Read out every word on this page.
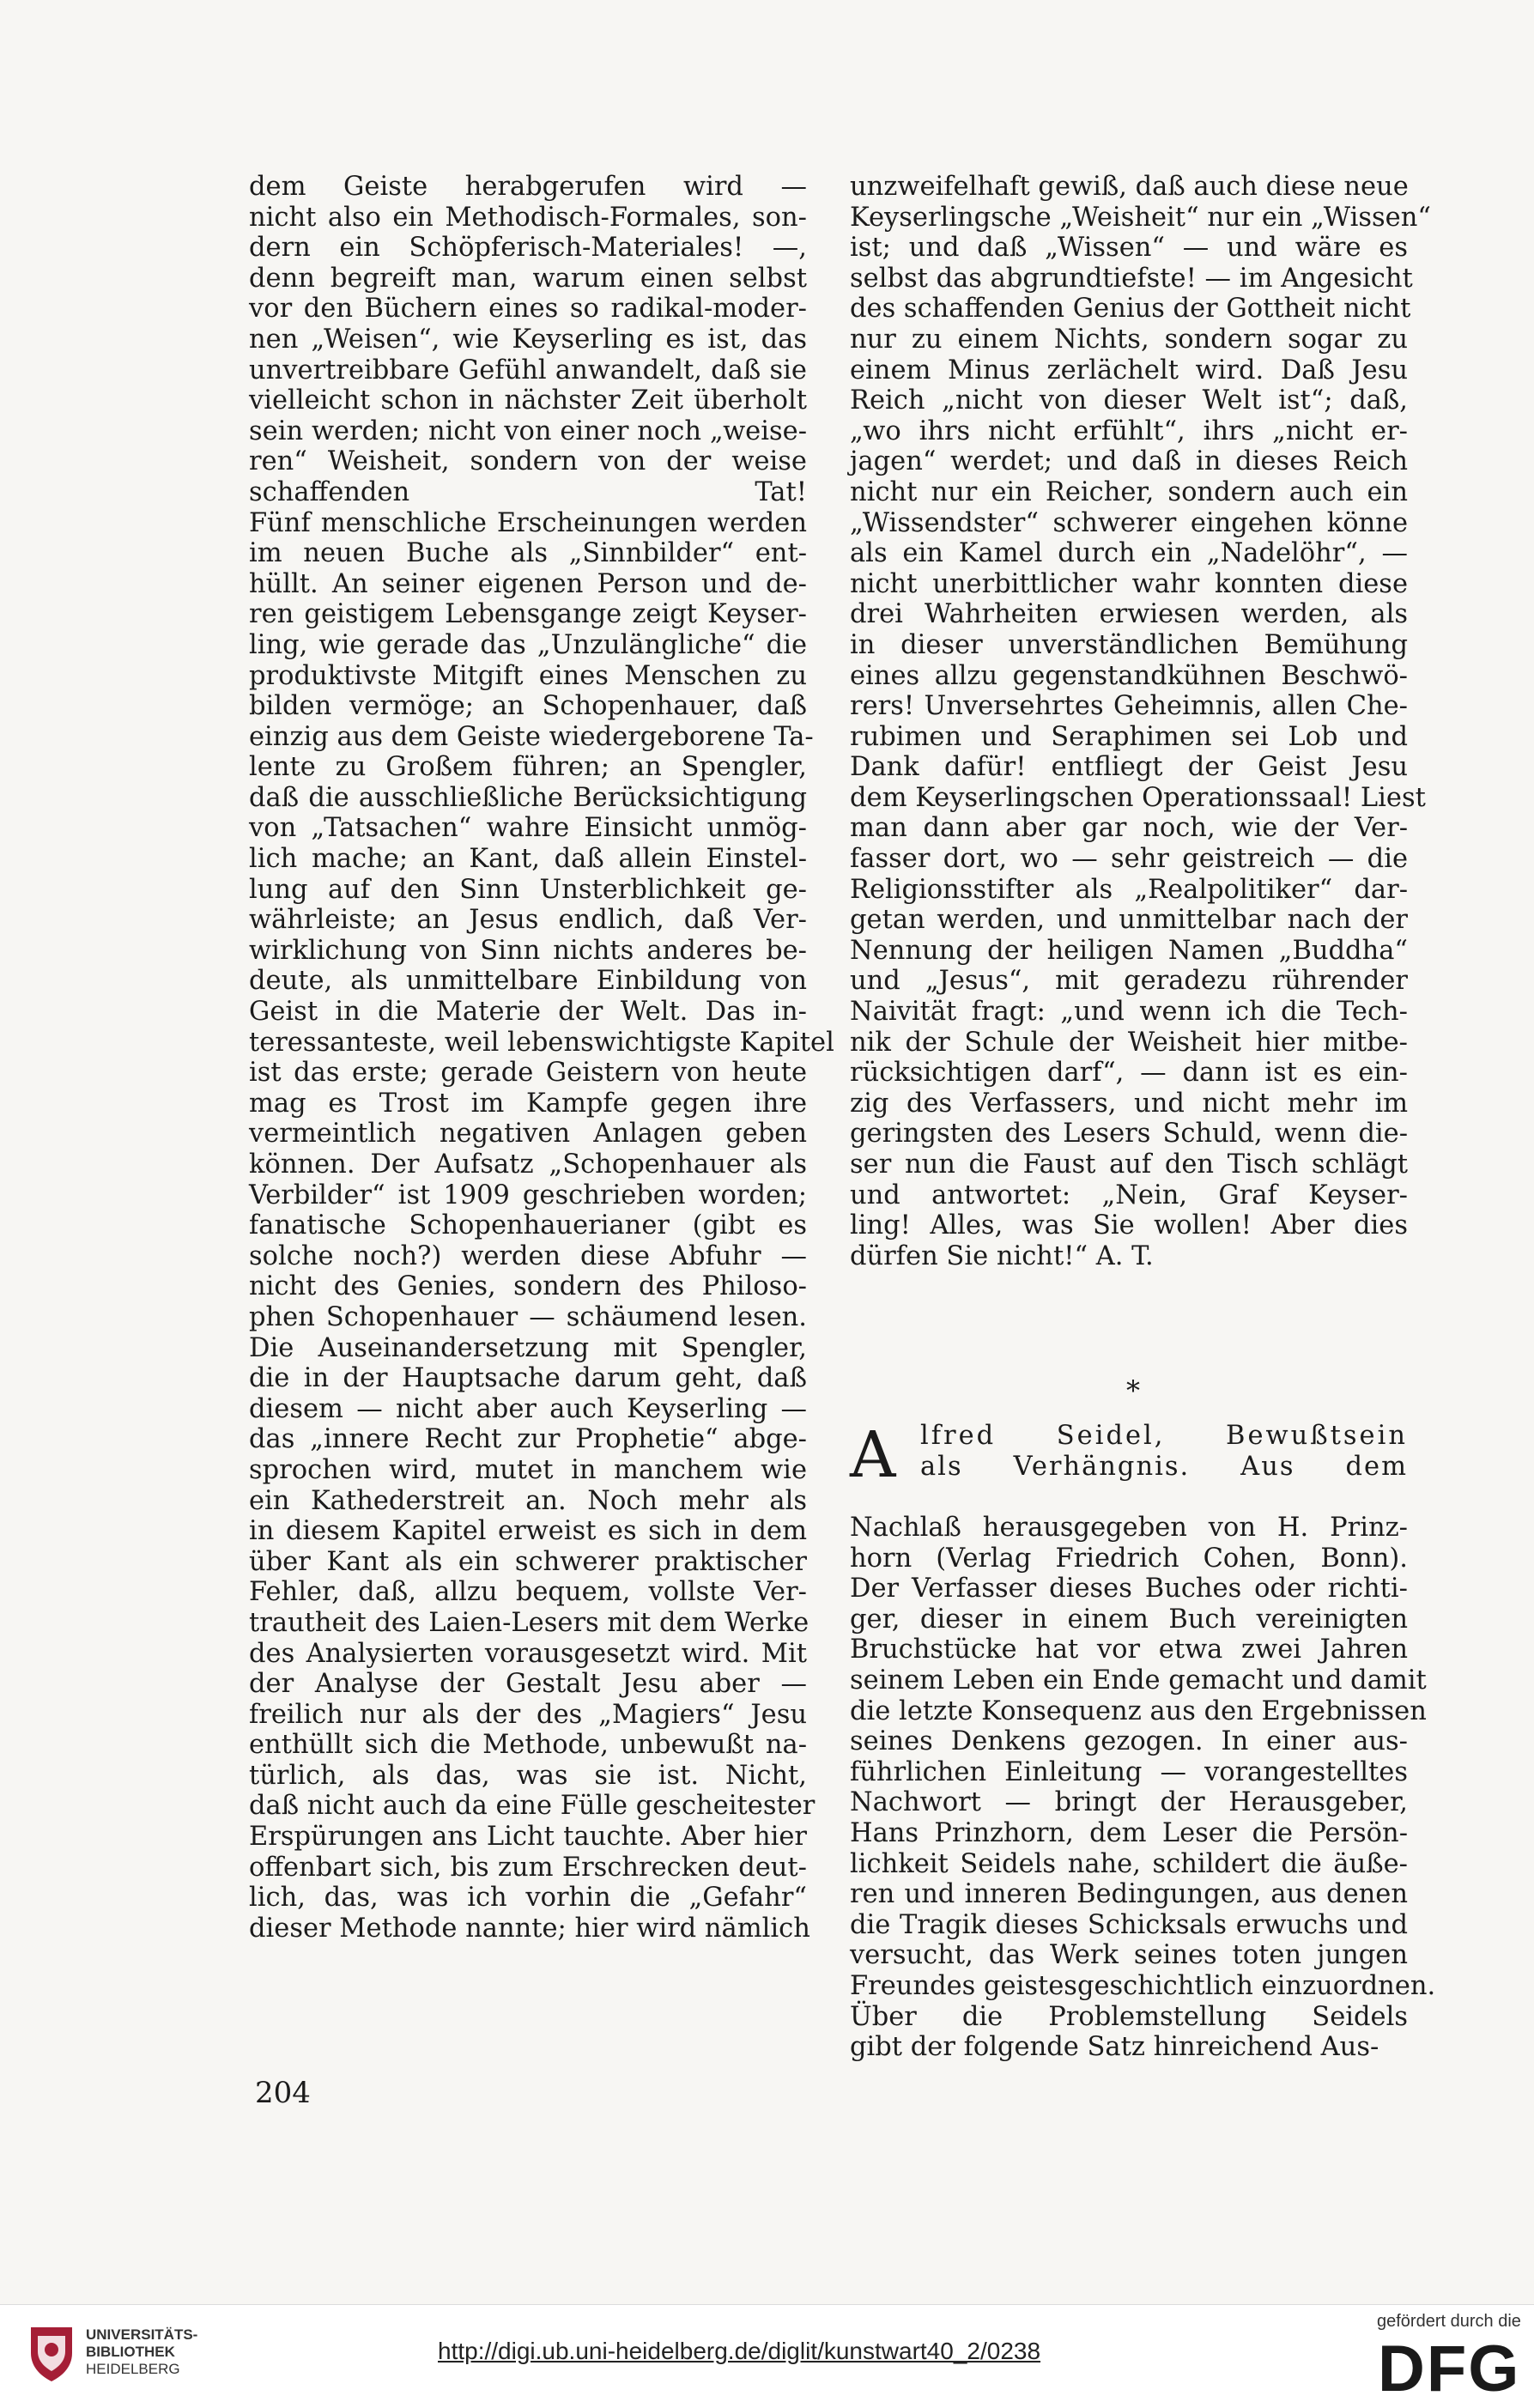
dem Geiste herabgerufen wird —
nicht also ein Methodisch-Formales, son-
dern ein Schöpferisch-Materiales! —,
denn begreift man, warum einen selbst
vor den Büchern eines so radikal-moder-
nen „Weisen“, wie Keyserling es ist, das
unvertreibbare Gefühl anwandelt, daß sie
vielleicht schon in nächster Zeit überholt
sein werden; nicht von einer noch „weise-
ren“ Weisheit, sondern von der weise
schaffenden Tat!
Fünf menschliche Erscheinungen werden
im neuen Buche als „Sinnbilder“ ent-
hüllt. An seiner eigenen Person und de-
ren geistigem Lebensgange zeigt Keyser-
ling, wie gerade das „Unzulängliche“ die
produktivste Mitgift eines Menschen zu
bilden vermöge; an Schopenhauer, daß
einzig aus dem Geiste wiedergeborene Ta-
lente zu Großem führen; an Spengler,
daß die ausschließliche Berücksichtigung
von „Tatsachen“ wahre Einsicht unmög-
lich mache; an Kant, daß allein Einstel-
lung auf den Sinn Unsterblichkeit ge-
währleiste; an Jesus endlich, daß Ver-
wirklichung von Sinn nichts anderes be-
deute, als unmittelbare Einbildung von
Geist in die Materie der Welt. Das in-
teressanteste, weil lebenswichtigste Kapitel
ist das erste; gerade Geistern von heute
mag es Trost im Kampfe gegen ihre
vermeintlich negativen Anlagen geben
können. Der Aufsatz „Schopenhauer als
Verbilder“ ist 1909 geschrieben worden;
fanatische Schopenhauerianer (gibt es
solche noch?) werden diese Abfuhr —
nicht des Genies, sondern des Philoso-
phen Schopenhauer — schäumend lesen.
Die Auseinandersetzung mit Spengler,
die in der Hauptsache darum geht, daß
diesem — nicht aber auch Keyserling —
das „innere Recht zur Prophetie“ abge-
sprochen wird, mutet in manchem wie
ein Kathederstreit an. Noch mehr als
in diesem Kapitel erweist es sich in dem
über Kant als ein schwerer praktischer
Fehler, daß, allzu bequem, vollste Ver-
trautheit des Laien-Lesers mit dem Werke
des Analysierten vorausgesetzt wird. Mit
der Analyse der Gestalt Jesu aber —
freilich nur als der des „Magiers“ Jesu
enthüllt sich die Methode, unbewußt na-
türlich, als das, was sie ist. Nicht,
daß nicht auch da eine Fülle gescheitester
Erspürungen ans Licht tauchte. Aber hier
offenbart sich, bis zum Erschrecken deut-
lich, das, was ich vorhin die „Gefahr“
dieser Methode nannte; hier wird nämlich
unzweifelhaft gewiß, daß auch diese neue
Keyserlingsche „Weisheit“ nur ein „Wissen“
ist; und daß „Wissen“ — und wäre es
selbst das abgrundtiefste! — im Angesicht
des schaffenden Genius der Gottheit nicht
nur zu einem Nichts, sondern sogar zu
einem Minus zerlächelt wird. Daß Jesu
Reich „nicht von dieser Welt ist“; daß,
„wo ihrs nicht erfühlt“, ihrs „nicht er-
jagen“ werdet; und daß in dieses Reich
nicht nur ein Reicher, sondern auch ein
„Wissendster“ schwerer eingehen könne
als ein Kamel durch ein „Nadelöhr“, —
nicht unerbittlicher wahr konnten diese
drei Wahrheiten erwiesen werden, als
in dieser unverständlichen Bemühung
eines allzu gegenstandkühnen Beschwö-
rers! Unversehrtes Geheimnis, allen Che-
rubimen und Seraphimen sei Lob und
Dank dafür! entfliegt der Geist Jesu
dem Keyserlingschen Operationssaal! Liest
man dann aber gar noch, wie der Ver-
fasser dort, wo — sehr geistreich — die
Religionsstifter als „Realpolitiker“ dar-
getan werden, und unmittelbar nach der
Nennung der heiligen Namen „Buddha“
und „Jesus“, mit geradezu rührender
Naivität fragt: „und wenn ich die Tech-
nik der Schule der Weisheit hier mitbe-
rücksichtigen darf“, — dann ist es ein-
zig des Verfassers, und nicht mehr im
geringsten des Lesers Schuld, wenn die-
ser nun die Faust auf den Tisch schlägt
und antwortet: „Nein, Graf Keyser-
ling! Alles, was Sie wollen! Aber dies
dürfen Sie nicht!“ A. T.
*
A lfred Seidel, Bewußtsein
als Verhängnis. Aus dem
Nachlaß herausgegeben von H. Prinz-
horn (Verlag Friedrich Cohen, Bonn).
Der Verfasser dieses Buches oder richti-
ger, dieser in einem Buch vereinigten
Bruchstücke hat vor etwa zwei Jahren
seinem Leben ein Ende gemacht und damit
die letzte Konsequenz aus den Ergebnissen
seines Denkens gezogen. In einer aus-
führlichen Einleitung — vorangestelltes
Nachwort — bringt der Herausgeber,
Hans Prinzhorn, dem Leser die Persön-
lichkeit Seidels nahe, schildert die äuße-
ren und inneren Bedingungen, aus denen
die Tragik dieses Schicksals erwuchs und
versucht, das Werk seines toten jungen
Freundes geistesgeschichtlich einzuordnen.
Über die Problemstellung Seidels
gibt der folgende Satz hinreichend Aus-
204
UNIVERSITÄTS-
BIBLIOTHEK
HEIDELBERG
http://digi.ub.uni-heidelberg.de/diglit/kunstwart40_2/0238
gefördert durch die
DFG
